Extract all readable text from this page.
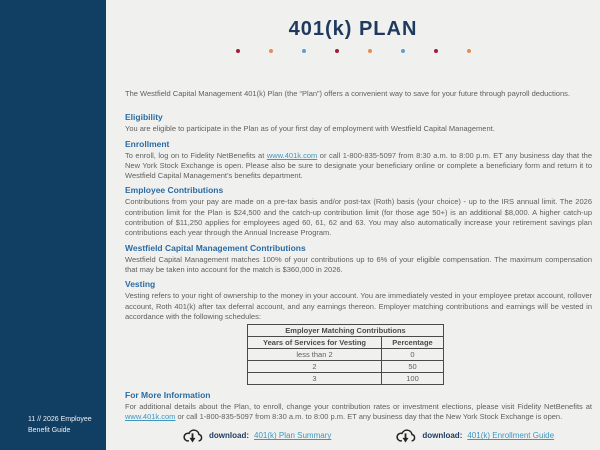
11 // 2026 Employee
Benefit Guide
401(k) PLAN

The Westfield Capital Management 401(k) Plan (the “Plan”) offers a convenient way to save for your future through payroll deductions.

Eligibility

You are eligible to participate in the Plan as of your first day of employment with Westfield Capital Management.

Enrollment

To enroll, log on to Fidelity NetBenefits at www.401k.com or call 1-800-835-5097 from 8:30 a.m. to 8:00 p.m. ET any business day that the New York Stock Exchange is open. Please also be sure to designate your beneficiary online or complete a beneficiary form and return it to Westfield Capital Management’s benefits department.

Employee Contributions

Contributions from your pay are made on a pre-tax basis and/or post-tax (Roth) basis (your choice) - up to the IRS annual limit. The 2026 contribution limit for the Plan is $24,500 and the catch-up contribution limit (for those age 50+) is an additional $8,000. A higher catch-up contribution of $11,250 applies for employees aged 60, 61, 62 and 63. You may also automatically increase your retirement savings plan contributions each year through the Annual Increase Program.

Westfield Capital Management Contributions

Westfield Capital Management matches 100% of your contributions up to 6% of your eligible compensation. The maximum compensation that may be taken into account for the match is $360,000 in 2026.

Vesting

Vesting refers to your right of ownership to the money in your account. You are immediately vested in your employee pretax account, rollover account, Roth 401(k) after tax deferral account, and any earnings thereon. Employer matching contributions and earnings will be vested in accordance with the following schedules:

Employer Matching Contributions	
Years of Services for Vesting	Percentage
less than 2	0
2	50
3	100
For More Information

For additional details about the Plan, to enroll, change your contribution rates or investment elections, please visit Fidelity NetBenefits at www.401k.com or call 1-800-835-5097 from 8:30 a.m. to 8:00 p.m. ET any business day that the New York Stock Exchange is open.

download: 401(k) Plan Summary	download: 401(k) Enrollment Guide
